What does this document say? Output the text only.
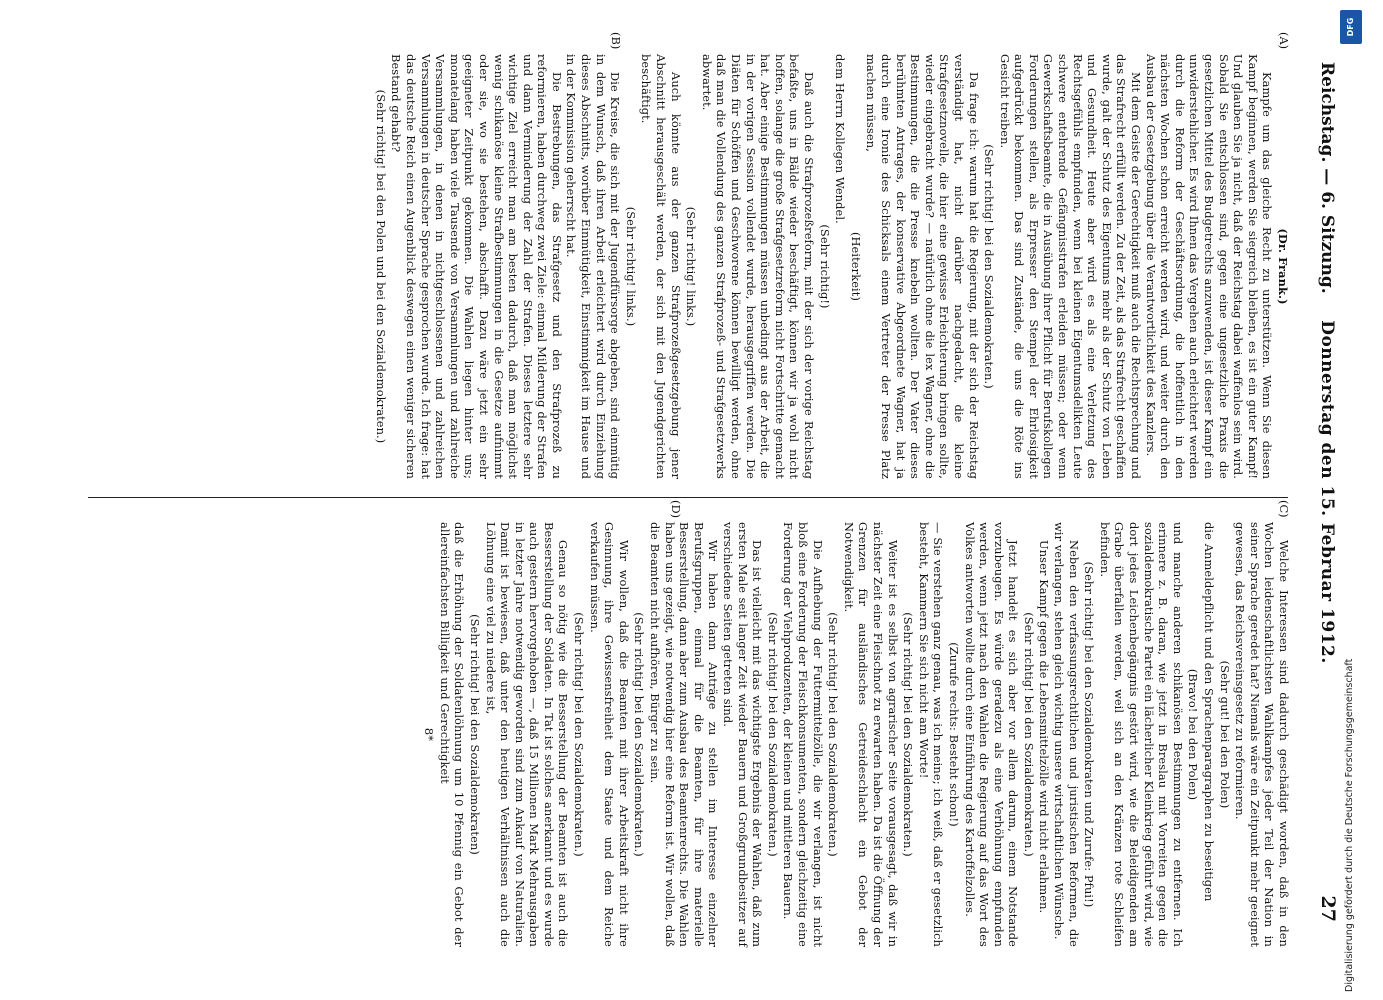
Reichstag. — 6. Sitzung.
Donnerstag den 15. Februar 1912.
27
(A)
(B)
(C)
(D)

(Dr. Frank.)

Kampfe um das gleiche Recht zu unterstützen. Wenn Sie diesen Kampf beginnen, werden Sie siegreich bleiben, es ist ein guter Kampf! Und glauben Sie ja nicht, daß der Reichstag dabei waffenlos sein wird. Sobald Sie entschlossen sind, gegen eine ungesetzliche Praxis die gesetzlichen Mittel des Budgetrechts anzuwenden, ist dieser Kampf ein unwiderstehlicher. Es wird Ihnen das Vergehen auch erleichtert werden durch die Reform der Geschäftsordnung, die hoffentlich in den nächsten Wochen schon erreicht werden wird, und weiter durch den Ausbau der Gesetzgebung über die Verantwortlichkeit des Kanzlers.

Mit dem Geiste der Gerechtigkeit muß auch die Rechtsprechung und das Strafrecht erfüllt werden. Zu der Zeit, als das Strafrecht geschaffen wurde, galt der Schutz des Eigentums mehr als der Schutz von Leben und Gesundheit. Heute aber wird es als eine Verletzung des Rechtsgefühls empfunden, wenn bei kleinen Eigentumsdelikten Leute schwere entehrende Gefängnisstrafen erleiden müssen; oder wenn Gewerkschaftsbeamte, die in Ausübung ihrer Pflicht für Berufskollegen Forderungen stellen, als Erpresser den Stempel der Ehrlosigkeit aufgedrückt bekommen. Das sind Zustände, die uns die Röte ins Gesicht treiben.

(Sehr richtig! bei den Sozialdemokraten.)

Da frage ich: warum hat die Regierung, mit der sich der Reichstag verständigt hat, nicht darüber nachgedacht, die kleine Strafgesetznovelle, die hier eine gewisse Erleichterung bringen sollte, wieder eingebracht wurde? — natürlich ohne die lex Wagner, ohne die Bestimmungen, die die Presse knebeln wollten. Der Vater dieses berühmten Antrages, der konservative Abgeordnete Wagner, hat ja durch eine Ironie des Schicksals einem Vertreter der Presse Platz machen müssen,

(Heiterkeit)

dem Herrn Kollegen Wendel.

(Sehr richtig!)

Daß auch die Strafprozeßreform, mit der sich der vorige Reichstag befaßte, uns in Bälde wieder beschäftigt, können wir ja wohl nicht hoffen, solange die große Strafgesetzreform nicht Fortschritte gemacht hat. Aber einige Bestimmungen müssen unbedingt aus der Arbeit, die in der vorigen Session vollendet wurde, herausgegriffen werden. Die Diäten für Schöffen und Geschworene können bewilligt werden, ohne daß man die Vollendung des ganzen Strafprozeß- und Strafgesetzwerks abwartet.

(Sehr richtig! links.)

Auch könnte aus der ganzen Strafprozeßgesetzgebung jener Abschnitt herausgeschält werden, der sich mit den Jugendgerichten beschäftigt.

(Sehr richtig! links.)

Die Kreise, die sich mit der Jugendfürsorge abgeben, sind einmütig in dem Wunsch, daß ihren Arbeit erleichtert wird durch Einziehung dieses Abschnitts, worüber Einmütigkeit, Einstimmigkeit im Hause und in der Kommission geherrscht hat.

Die Bestrebungen, das Strafgesetz und den Strafprozeß zu reformieren, haben durchweg zwei Ziele: einmal Milderung der Strafen und dann Verminderung der Zahl der Strafen. Dieses letztere sehr wichtige Ziel erreicht man am besten dadurch, daß man möglichst wenig schikanöse kleine Strafbestimmungen in die Gesetze aufnimmt oder sie, wo sie bestehen, abschafft. Dazu wäre jetzt ein sehr geeigneter Zeitpunkt gekommen. Die Wahlen liegen hinter uns; monatelang haben viele Tausende von Versammlungen und zahlreiche Versammlungen, in denen in nichtgeschlossenen und zahlreichen Versammlungen in deutscher Sprache gesprochen wurde. Ich frage: hat das deutsche Reich einen Augenblick deswegen einen weniger sicheren Bestand gehabt?

(Sehr richtig! bei den Polen und bei den Sozialdemokraten.)

Welche Interessen sind dadurch geschädigt worden, daß in den Wochen leidenschaftlichsten Wahlkampfes jeder Teil der Nation in seiner Sprache geredet hat? Niemals wäre ein Zeitpunkt mehr geeignet gewesen, das Reichsvereinsgesetz zu reformieren.

(Sehr gut! bei den Polen)

die Anmeldepflicht und den Sprachenparagraphen zu beseitigen

(Bravo! bei den Polen)

und manche anderen schikanösen Bestimmungen zu entfernen. Ich erinnere z. B. daran, wie jetzt in Breslau mit Vorreiten gegen die sozialdemokratische Partei ein lächerlicher Kleinkrieg geführt wird, wie dort jedes Leichenbegängnis gestört wird, wie die Beleidigenden am Grabe überfallen werden, weil sich an den Kränzen rote Schleifen befinden.

(Sehr richtig! bei den Sozialdemokraten und Zurufe: Pfui!)

Neben den verfassungsrechtlichen und juristischen Reformen, die wir verlangen, stehen gleich wichtig unsere wirtschaftlichen Wünsche.

Unser Kampf gegen die Lebensmittelzölle wird nicht erlahmen.

(Sehr richtig! bei den Sozialdemokraten.)

Jetzt handelt es sich aber vor allem darum, einem Notstande vorzubeugen. Es würde geradezu als eine Verhöhnung empfunden werden, wenn jetzt nach den Wahlen die Regierung auf das Wort des Volkes antworten wollte durch eine Einführung des Kartoffelzolles.

(Zurufe rechts: Besteht schon!)

— Sie verstehen ganz genau, was ich meine; ich weiß, daß er gesetzlich besteht, Kammern Sie sich nicht am Worte!

(Sehr richtig! bei den Sozialdemokraten.)

Weiter ist es selbst von agrarischer Seite vorausgesagt, daß wir in nächster Zeit eine Fleischnot zu erwarten haben. Da ist die Öffnung der Grenzen für ausländisches Getreideschlacht ein Gebot der Notwendigkeit.

(Sehr richtig! bei den Sozialdemokraten.)

Die Aufhebung der Futtermittelzölle, die wir verlangen, ist nicht bloß eine Forderung der Fleischkonsumenten, sondern gleichzeitig eine Forderung der Viehproduzenten, der kleinen und mittleren Bauern.

(Sehr richtig! bei den Sozialdemokraten.)

Das ist vielleicht mit das wichtigste Ergebnis der Wahlen, daß zum ersten Male seit langer Zeit wieder Bauern und Großgrundbesitzer auf verschiedene Seiten getreten sind.

Wir haben dann Anträge zu stellen im Interesse einzelner Berufsgruppen, einmal für die Beamten, für ihre materielle Besserstellung, dann aber zum Ausbau des Beamtenrechts. Die Wahlen haben uns gezeigt, wie notwendig hier eine Reform ist. Wir wollen, daß die Beamten nicht aufhören, Bürger zu sein.

(Sehr richtig! bei den Sozialdemokraten.)

Wir wollen, daß die Beamten mit ihrer Arbeitskraft nicht ihre Gesinnung, ihre Gewissensfreiheit dem Staate und dem Reiche verkaufen müssen.

(Sehr richtig! bei den Sozialdemokraten.)

Genau so nötig wie die Besserstellung der Beamten ist auch die Besserstellung der Soldaten. In Tat ist solches anerkannt und es wurde auch gestern hervorgehoben —, daß 15 Millionen Mark Mehrausgaben in letzter Jahre notwendig geworden sind zum Ankauf von Naturalien. Damit ist bewiesen, daß unter den heutigen Verhältnissen auch die Löhnung eine viel zu niedere ist,

(Sehr richtig! bei den Sozialdemokraten)

daß die Erhöhung der Soldatenlöhnung um 10 Pfennig ein Gebot der allereinfachsten Billigkeit und Gerechtigkeit

8*

DFG
Digitalisierung gefördert durch die Deutsche Forschungsgemeinschaft
